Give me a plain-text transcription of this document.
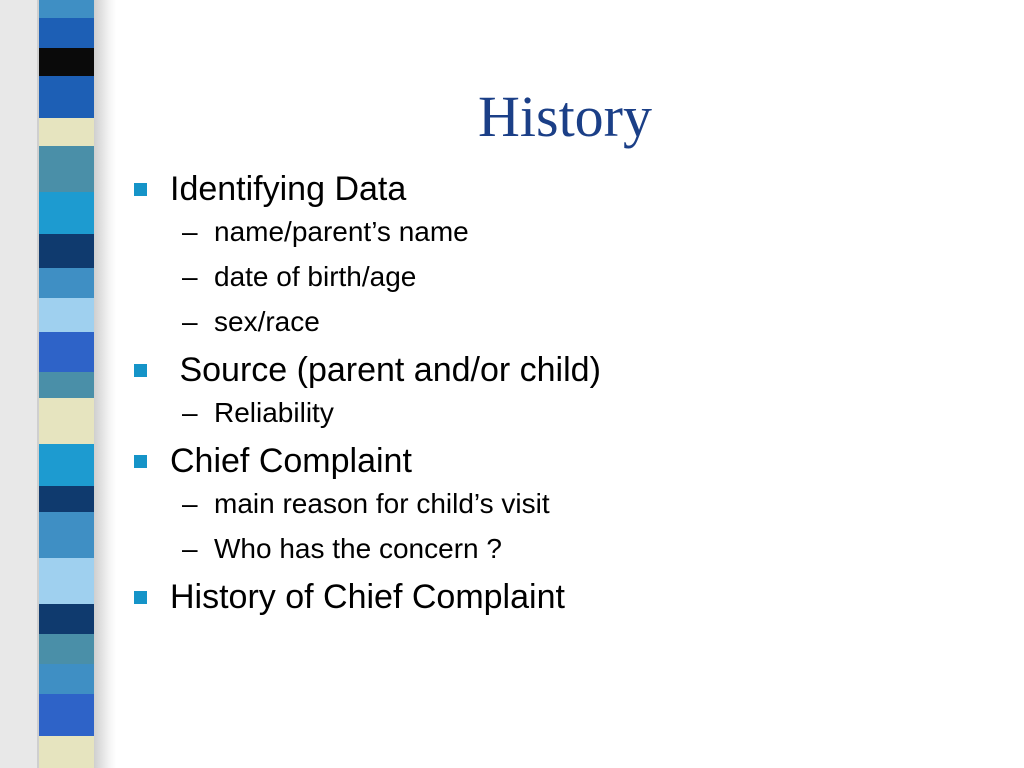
History
Identifying Data
– name/parent’s name
– date of birth/age
– sex/race
Source (parent and/or child)
– Reliability
Chief Complaint
– main reason for child’s visit
– Who has the concern ?
History of Chief Complaint
